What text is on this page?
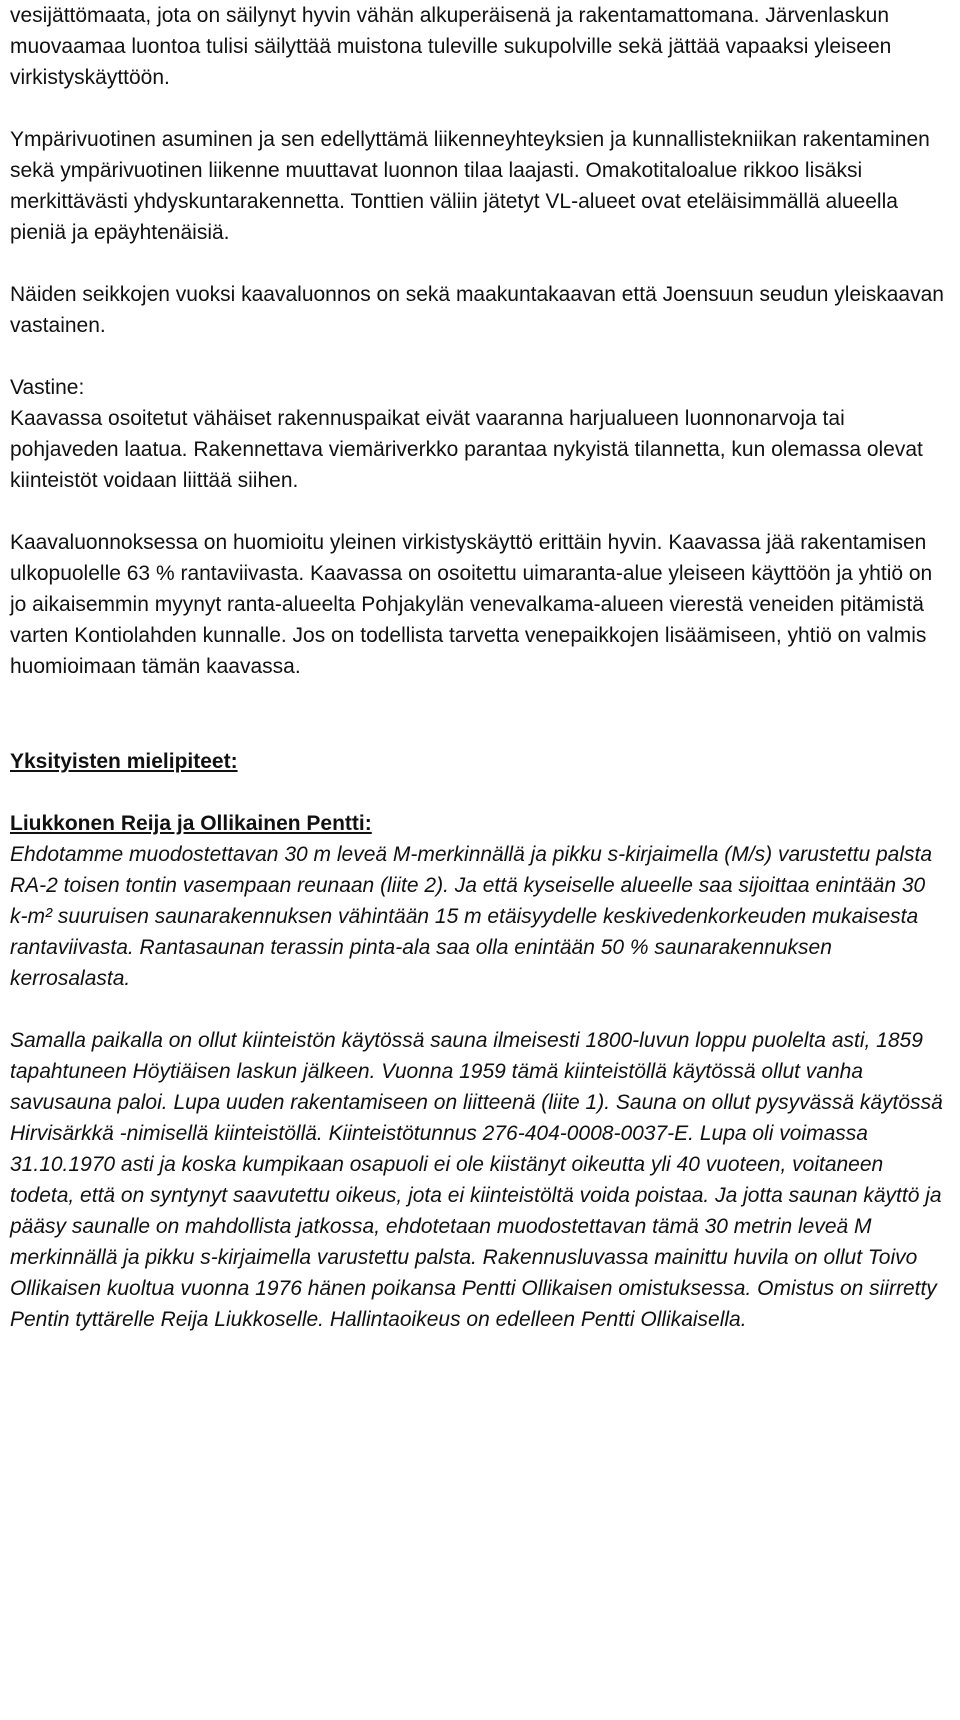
vesijättömaata, jota on säilynyt hyvin vähän alkuperäisenä ja rakentamattomana. Järvenlaskun muovaamaa luontoa tulisi säilyttää muistona tuleville sukupolville sekä jättää vapaaksi yleiseen virkistyskäyttöön.

Ympärivuotinen asuminen ja sen edellyttämä liikenneyhteyksien ja kunnallistekniikan rakentaminen sekä ympärivuotinen liikenne muuttavat luonnon tilaa laajasti. Omakotitaloalue rikkoo lisäksi merkittävästi yhdyskuntarakennetta. Tonttien väliin jätetyt VL-alueet ovat eteläisimmällä alueella pieniä ja epäyhtenäisiä.

Näiden seikkojen vuoksi kaavaluonnos on sekä maakuntakaavan että Joensuun seudun yleiskaavan vastainen.

Vastine:

Kaavassa osoitetut vähäiset rakennuspaikat eivät vaaranna harjualueen luonnonarvoja tai pohjaveden laatua. Rakennettava viemäriverkko parantaa nykyistä tilannetta, kun olemassa olevat kiinteistöt voidaan liittää siihen.

Kaavaluonnoksessa on huomioitu yleinen virkistyskäyttö erittäin hyvin. Kaavassa jää rakentamisen ulkopuolelle 63 % rantaviivasta. Kaavassa on osoitettu uimaranta-alue yleiseen käyttöön ja yhtiö on jo aikaisemmin myynyt ranta-alueelta Pohjakylän venevalkama-alueen vierestä veneiden pitämistä varten Kontiolahden kunnalle. Jos on todellista tarvetta venepaikkojen lisäämiseen, yhtiö on valmis huomioimaan tämän kaavassa.

Yksityisten mielipiteet:

Liukkonen Reija ja Ollikainen Pentti:

Ehdotamme muodostettavan 30 m leveä M-merkinnällä ja pikku s-kirjaimella (M/s) varustettu palsta RA-2 toisen tontin vasempaan reunaan (liite 2). Ja että kyseiselle alueelle saa sijoittaa enintään 30 k-m² suuruisen saunarakennuksen vähintään 15 m etäisyydelle keskivedenkorkeuden mukaisesta rantaviivasta. Rantasaunan terassin pinta-ala saa olla enintään 50 % saunarakennuksen kerrosalasta.

Samalla paikalla on ollut kiinteistön käytössä sauna ilmeisesti 1800-luvun loppu puolelta asti, 1859 tapahtuneen Höytiäisen laskun jälkeen. Vuonna 1959 tämä kiinteistöllä käytössä ollut vanha savusauna paloi. Lupa uuden rakentamiseen on liitteenä (liite 1). Sauna on ollut pysyvässä käytössä Hirvisärkkä -nimisellä kiinteistöllä. Kiinteistötunnus 276-404-0008-0037-E. Lupa oli voimassa 31.10.1970 asti ja koska kumpikaan osapuoli ei ole kiistänyt oikeutta yli 40 vuoteen, voitaneen todeta, että on syntynyt saavutettu oikeus, jota ei kiinteistöltä voida poistaa. Ja jotta saunan käyttö ja pääsy saunalle on mahdollista jatkossa, ehdotetaan muodostettavan tämä 30 metrin leveä M merkinnällä ja pikku s-kirjaimella varustettu palsta. Rakennusluvassa mainittu huvila on ollut Toivo Ollikaisen kuoltua vuonna 1976 hänen poikansa Pentti Ollikaisen omistuksessa. Omistus on siirretty Pentin tyttärelle Reija Liukkoselle. Hallintaoikeus on edelleen Pentti Ollikaisella.
